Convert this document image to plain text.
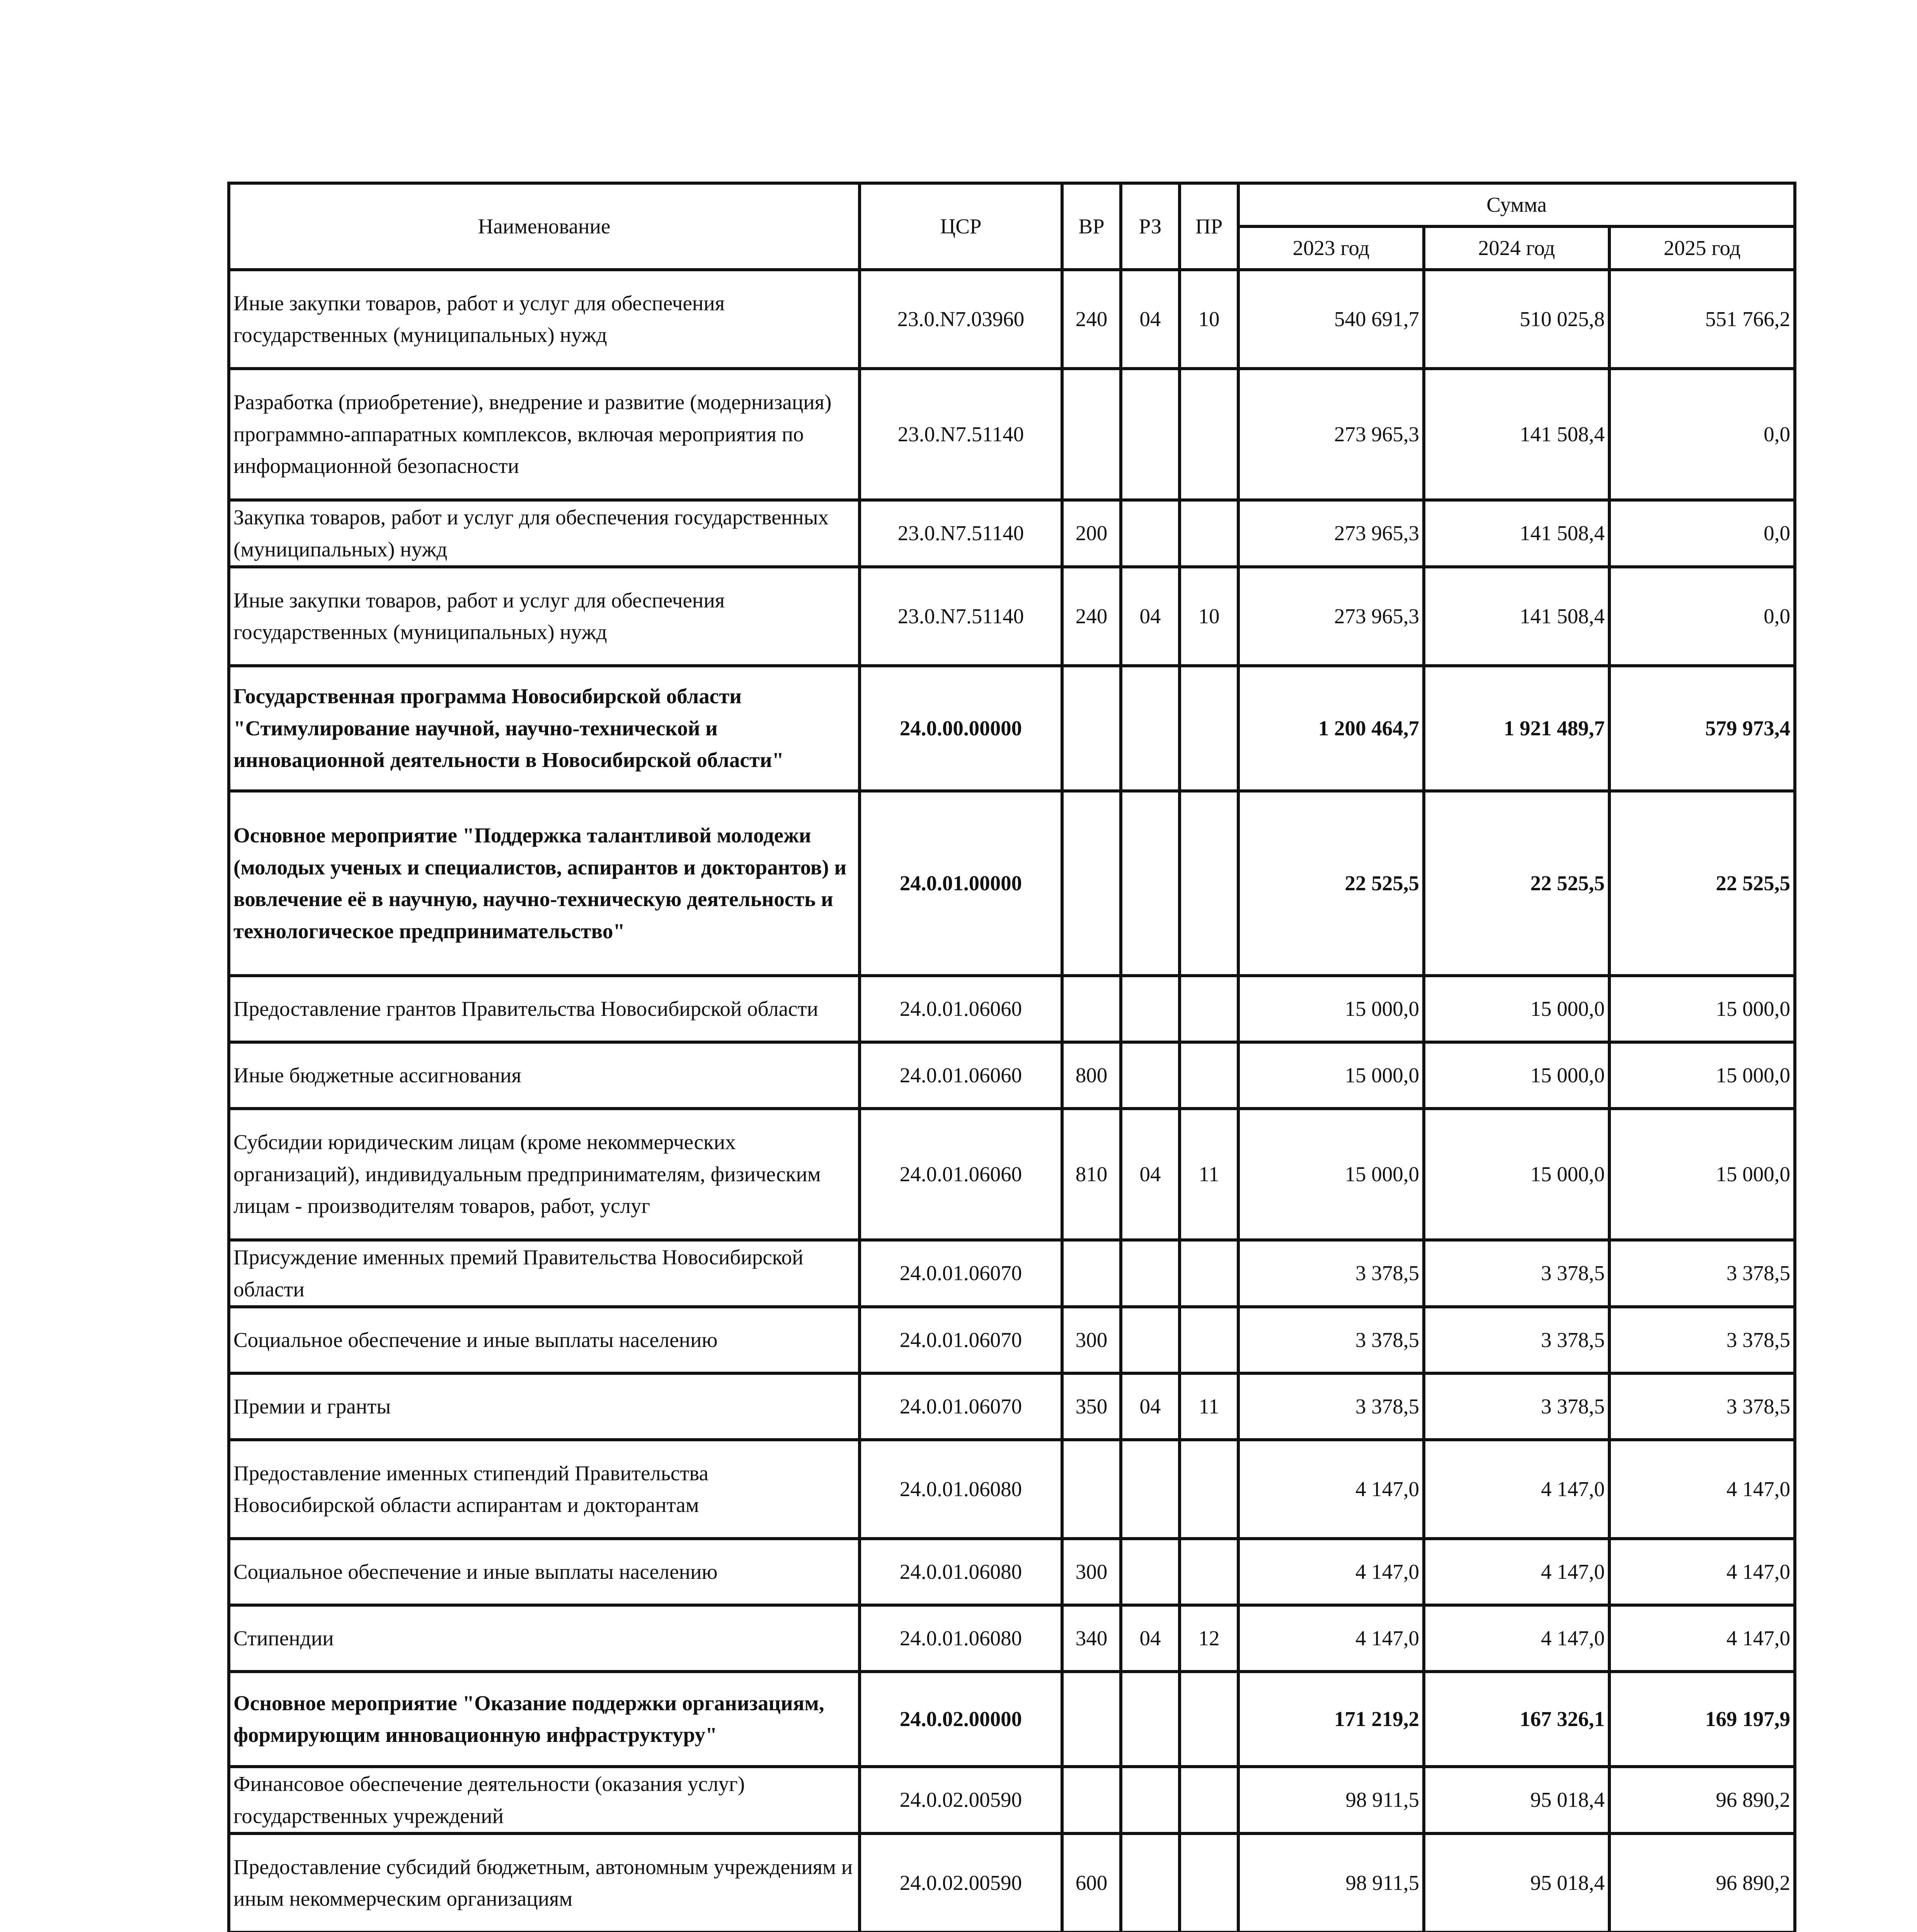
Наименование	ЦСР	ВР	РЗ	ПР	Сумма		
					2023 год	2024 год	2025 год
Иные закупки товаров, работ и услуг для обеспечения государственных (муниципальных) нужд	23.0.N7.03960	240	04	10	540 691,7	510 025,8	551 766,2
Разработка (приобретение), внедрение и развитие (модернизация) программно-аппаратных комплексов, включая мероприятия по информационной безопасности	23.0.N7.51140				273 965,3	141 508,4	0,0
Закупка товаров, работ и услуг для обеспечения государственных (муниципальных) нужд	23.0.N7.51140	200			273 965,3	141 508,4	0,0
Иные закупки товаров, работ и услуг для обеспечения государственных (муниципальных) нужд	23.0.N7.51140	240	04	10	273 965,3	141 508,4	0,0
Государственная программа Новосибирской области "Стимулирование научной, научно-технической и инновационной деятельности в Новосибирской области"	24.0.00.00000				1 200 464,7	1 921 489,7	579 973,4
Основное мероприятие "Поддержка талантливой молодежи (молодых ученых и специалистов, аспирантов и докторантов) и вовлечение её в научную, научно-техническую деятельность и технологическое предпринимательство"	24.0.01.00000				22 525,5	22 525,5	22 525,5
Предоставление грантов Правительства Новосибирской области	24.0.01.06060				15 000,0	15 000,0	15 000,0
Иные бюджетные ассигнования	24.0.01.06060	800			15 000,0	15 000,0	15 000,0
Субсидии юридическим лицам (кроме некоммерческих организаций), индивидуальным предпринимателям, физическим лицам - производителям товаров, работ, услуг	24.0.01.06060	810	04	11	15 000,0	15 000,0	15 000,0
Присуждение именных премий Правительства Новосибирской области	24.0.01.06070				3 378,5	3 378,5	3 378,5
Социальное обеспечение и иные выплаты населению	24.0.01.06070	300			3 378,5	3 378,5	3 378,5
Премии и гранты	24.0.01.06070	350	04	11	3 378,5	3 378,5	3 378,5
Предоставление именных стипендий Правительства Новосибирской области аспирантам и докторантам	24.0.01.06080				4 147,0	4 147,0	4 147,0
Социальное обеспечение и иные выплаты населению	24.0.01.06080	300			4 147,0	4 147,0	4 147,0
Стипендии	24.0.01.06080	340	04	12	4 147,0	4 147,0	4 147,0
Основное мероприятие "Оказание поддержки организациям, формирующим инновационную инфраструктуру"	24.0.02.00000				171 219,2	167 326,1	169 197,9
Финансовое обеспечение деятельности (оказания услуг) государственных учреждений	24.0.02.00590				98 911,5	95 018,4	96 890,2
Предоставление субсидий бюджетным, автономным учреждениям и иным некоммерческим организациям	24.0.02.00590	600			98 911,5	95 018,4	96 890,2
